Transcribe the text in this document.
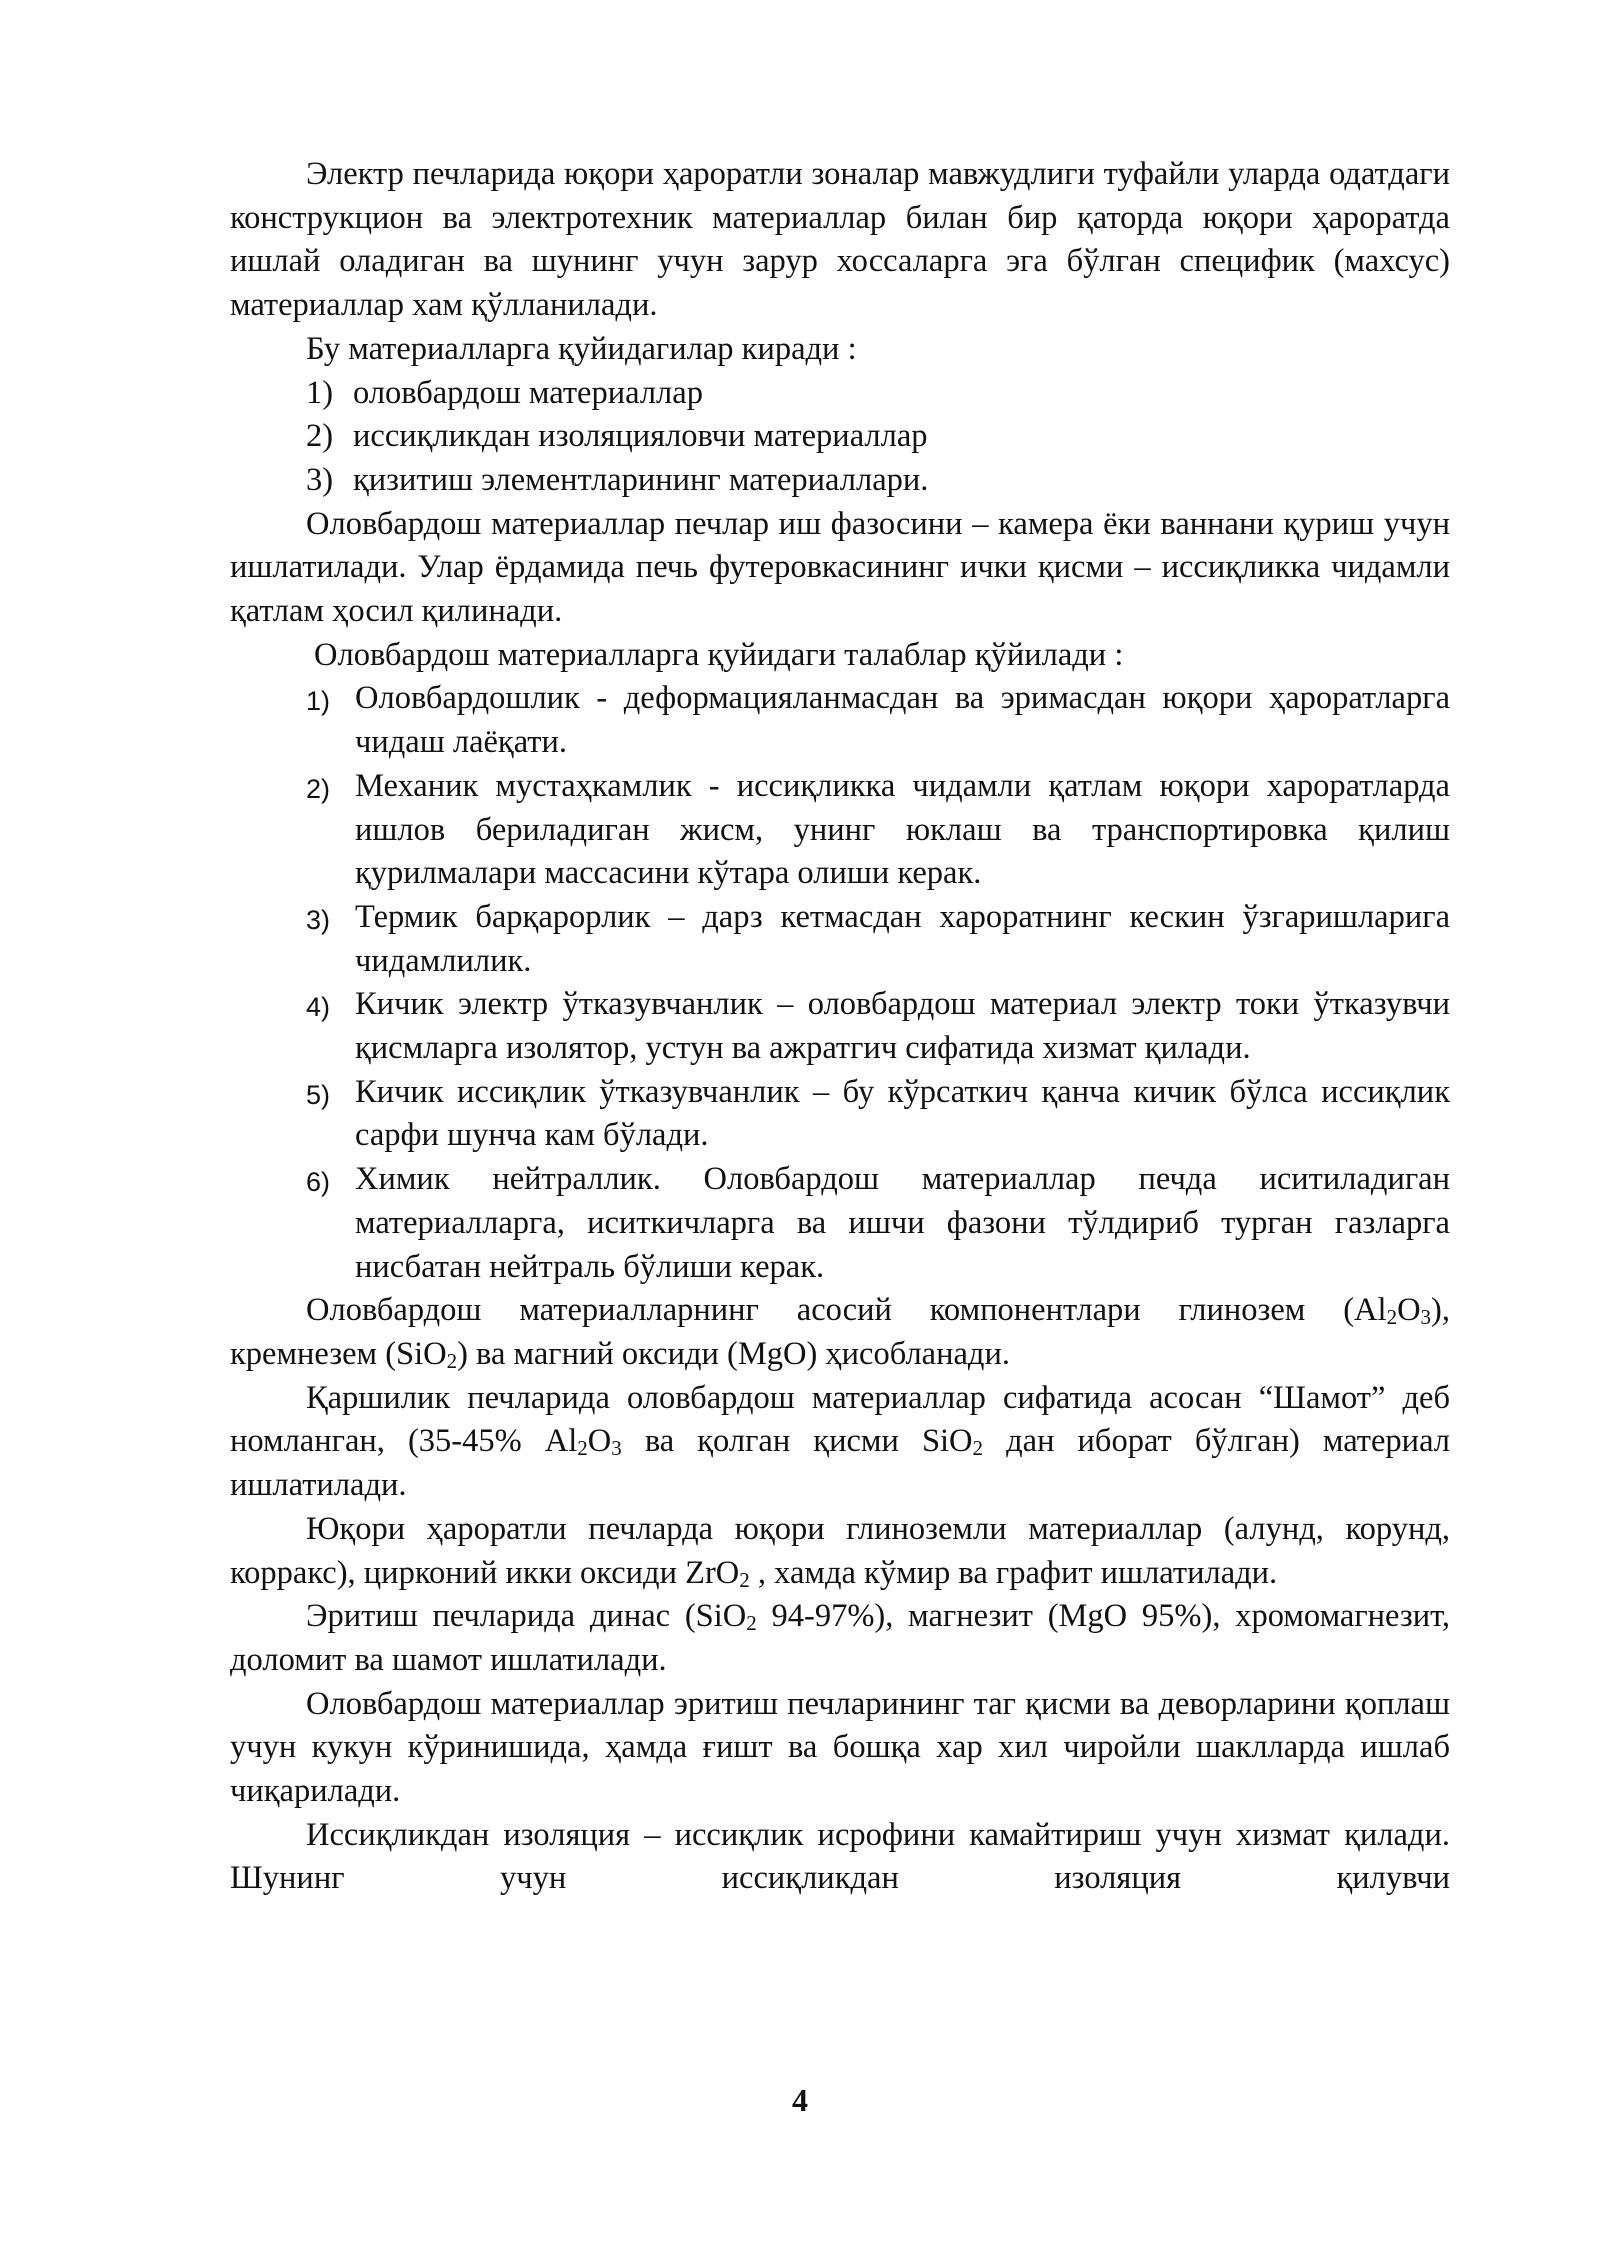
Электр печларида юқори ҳароратли зоналар мавжудлиги туфайли уларда одатдаги конструкцион ва электротехник материаллар билан бир қаторда юқори ҳароратда ишлай оладиган ва шунинг учун зарур хоссаларга эга бўлган специфик (махсус) материаллар хам қўлланилади.

Бу материалларга қуйидагилар киради :

1) оловбардош материаллар
2) иссиқликдан изоляцияловчи материаллар
3) қизитиш элементларининг материаллари.

Оловбардош материаллар печлар иш фазосини – камера ёки ваннани қуриш учун ишлатилади. Улар ёрдамида печь футеровкасининг ички қисми – иссиқликка чидамли қатлам ҳосил қилинади.

Оловбардош материалларга қуйидаги талаблар қўйилади :

1) Оловбардошлик - деформацияланмасдан ва эримасдан юқори ҳароратларга чидаш лаёқати.
2) Механик мустаҳкамлик - иссиқликка чидамли қатлам юқори хароратларда ишлов бериладиган жисм, унинг юклаш ва транспортировка қилиш қурилмалари массасини кўтара олиши керак.
3) Термик барқарорлик – дарз кетмасдан хароратнинг кескин ўзгаришларига чидамлилик.
4) Кичик электр ўтказувчанлик – оловбардош материал электр токи ўтказувчи қисмларга изолятор, устун ва ажратгич сифатида хизмат қилади.
5) Кичик иссиқлик ўтказувчанлик – бу кўрсаткич қанча кичик бўлса иссиқлик сарфи шунча кам бўлади.
6) Химик нейтраллик. Оловбардош материаллар печда иситиладиган материалларга, иситкичларга ва ишчи фазони тўлдириб турган газларга нисбатан нейтраль бўлиши керак.

Оловбардош материалларнинг асосий компонентлари глинозем $(Al_2O_3)$, кремнезем (SiO$_2$) ва магний оксиди (MgO) ҳисобланади.

Қаршилик печларида оловбардош материаллар сифатида асосан “Шамот” деб номланган, (35-45% $Al_2O_3$ ва қолган қисми SiO$_2$ дан иборат бўлган) материал ишлатилади.

Юқори ҳароратли печларда юқори глиноземли материаллар (алунд, корунд, корракс), цирконий икки оксиди ZrO$_2$ , хамда кўмир ва графит ишлатилади.

Эритиш печларида динас (SiO$_2$ 94-97%), магнезит (MgO 95%), хромомагнезит, доломит ва шамот ишлатилади.

Оловбардош материаллар эритиш печларининг таг қисми ва деворларини қоплаш учун кукун кўринишида, ҳамда ғишт ва бошқа хар хил чиройли шаклларда ишлаб чиқарилади.

Иссиқликдан изоляция – иссиқлик исрофини камайтириш учун хизмат қилади. Шунинг учун иссиқликдан изоляция қилувчи

4
